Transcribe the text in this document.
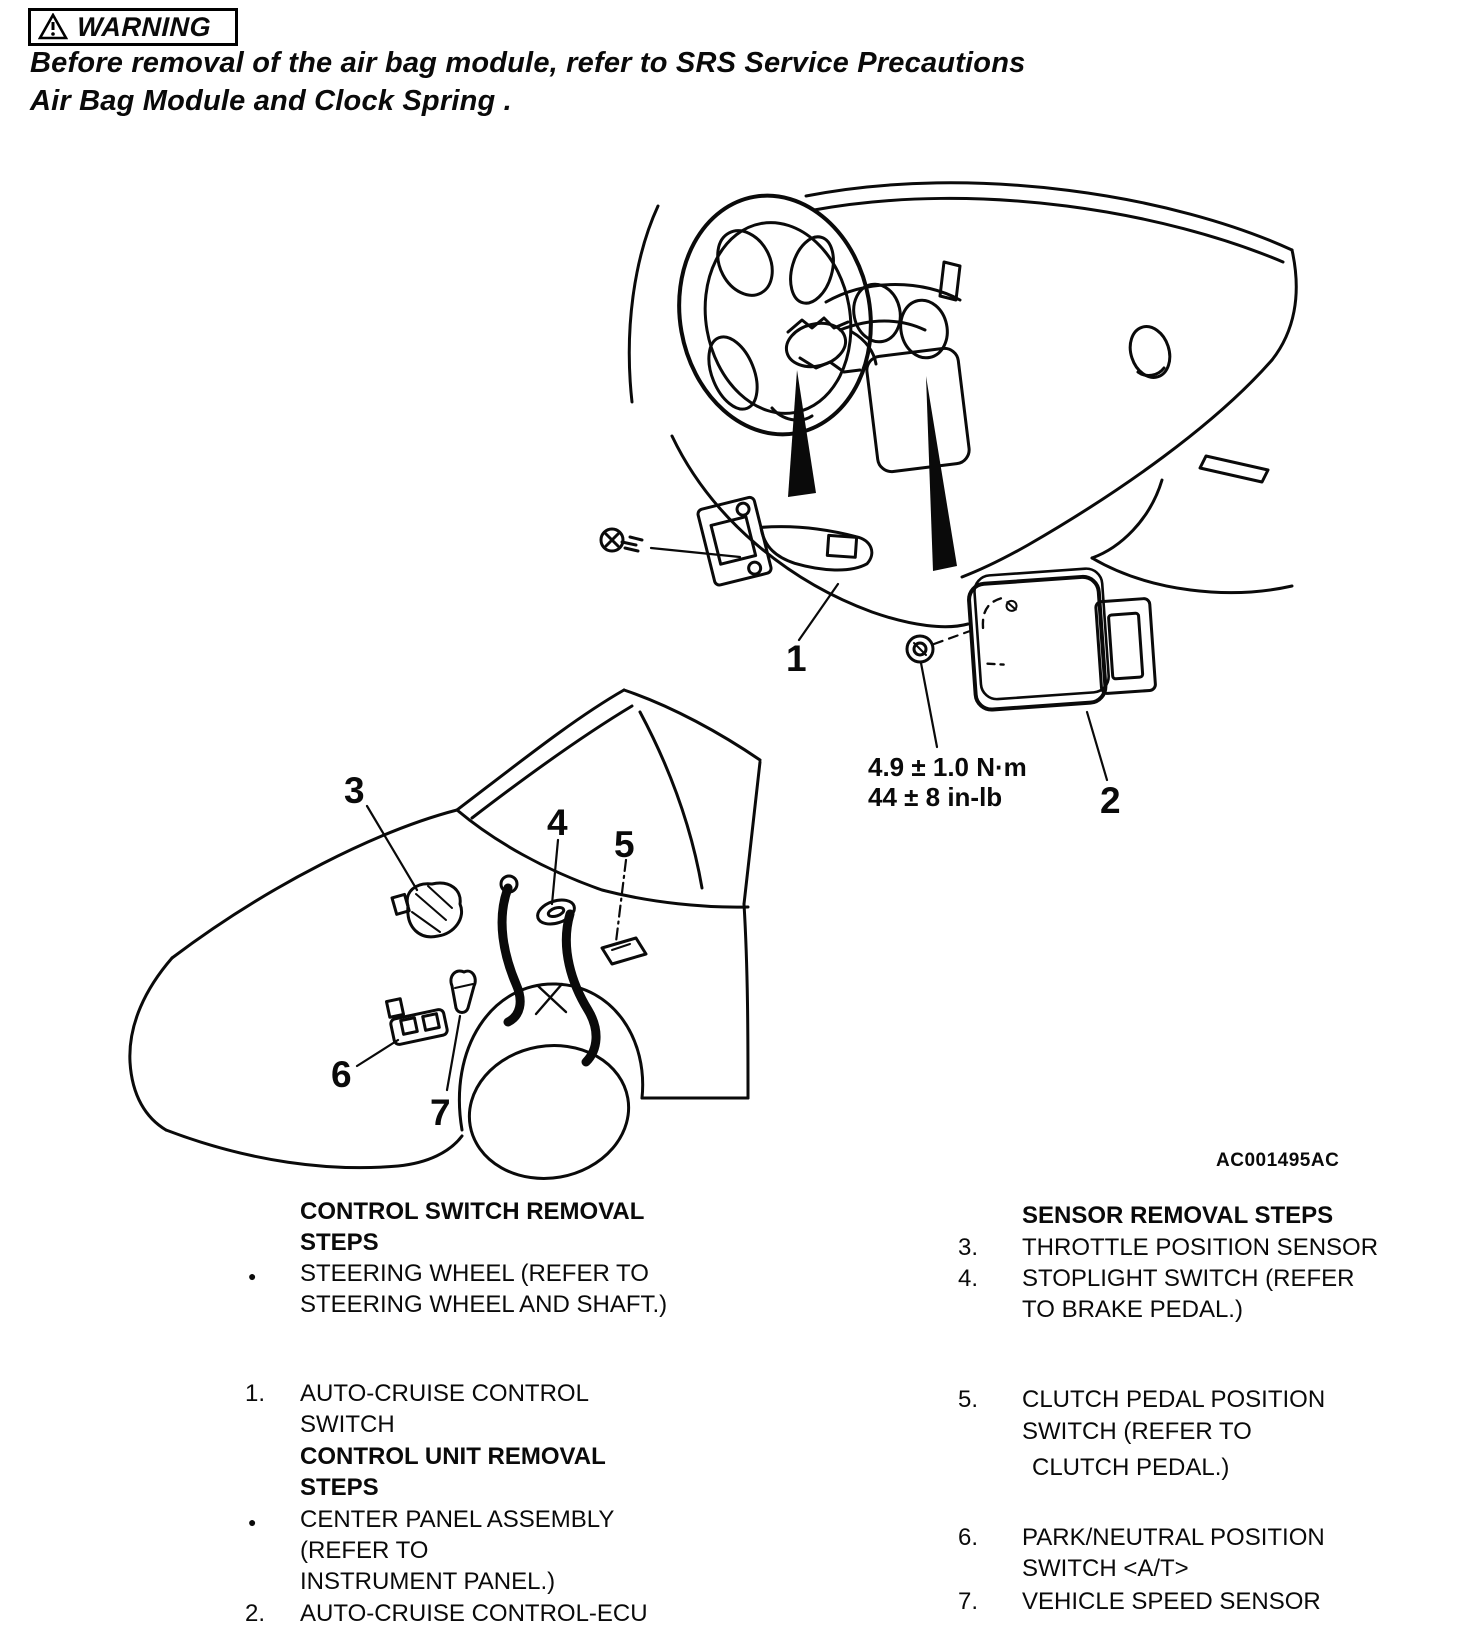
WARNING
Before removal of the air bag module, refer to SRS Service Precautions
Air Bag Module and Clock Spring .
1
2
3
4
5
6
7
4.9 ± 1.0 N·m
44 ± 8 in-lb
AC001495AC
CONTROL SWITCH REMOVAL
STEPS
● STEERING WHEEL (REFER TO
STEERING WHEEL AND SHAFT.)
1. AUTO-CRUISE CONTROL
SWITCH
CONTROL UNIT REMOVAL
STEPS
● CENTER PANEL ASSEMBLY
(REFER TO
INSTRUMENT PANEL.)
2. AUTO-CRUISE CONTROL-ECU
SENSOR REMOVAL STEPS
3. THROTTLE POSITION SENSOR
4. STOPLIGHT SWITCH (REFER
TO BRAKE PEDAL.)
5. CLUTCH PEDAL POSITION
SWITCH (REFER TO
CLUTCH PEDAL.)
6. PARK/NEUTRAL POSITION
SWITCH <A/T>
7. VEHICLE SPEED SENSOR
